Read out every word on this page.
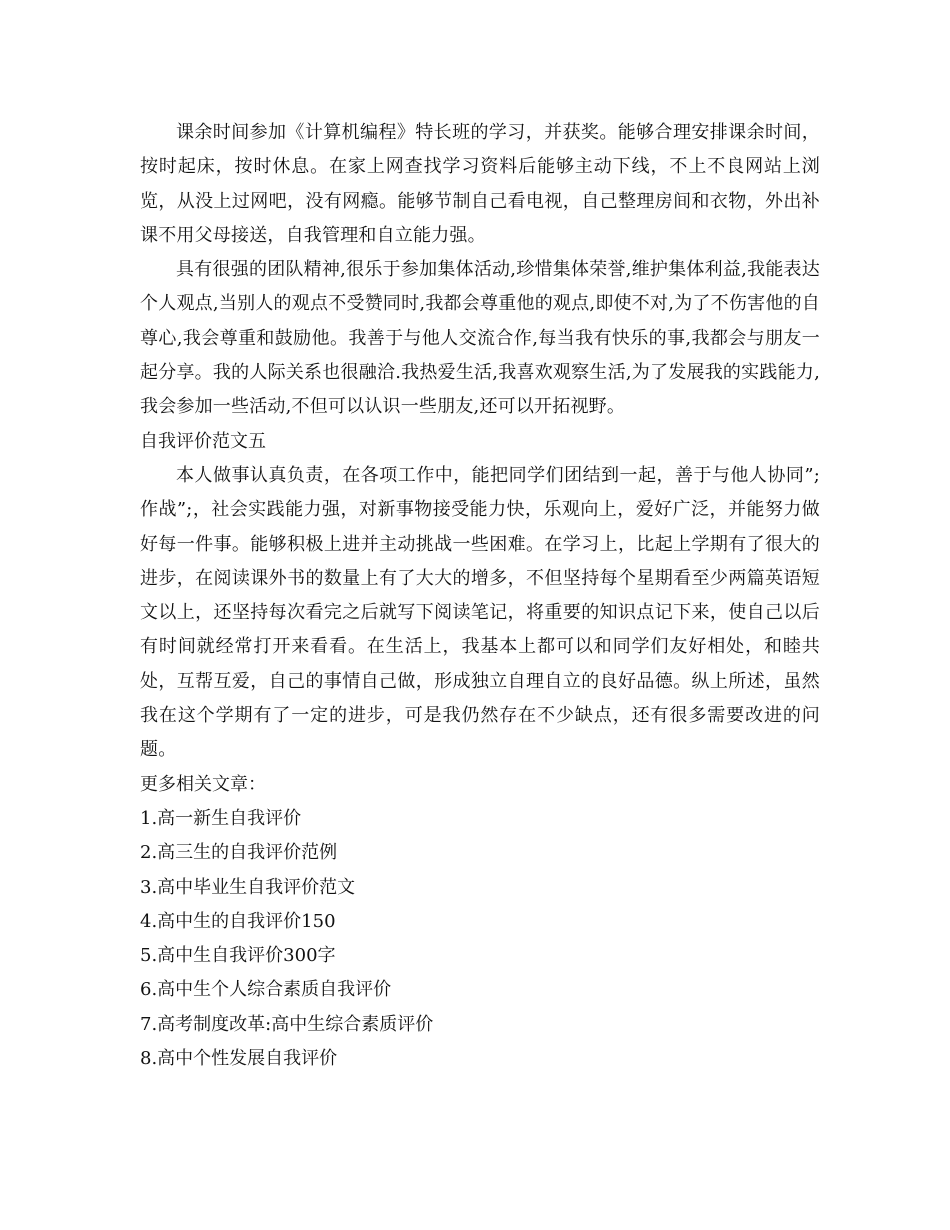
课余时间参加《计算机编程》特长班的学习，并获奖。能够合理安排课余时间，按时起床，按时休息。在家上网查找学习资料后能够主动下线，不上不良网站上浏览，从没上过网吧，没有网瘾。能够节制自己看电视，自己整理房间和衣物，外出补课不用父母接送，自我管理和自立能力强。

具有很强的团队精神,很乐于参加集体活动,珍惜集体荣誉,维护集体利益,我能表达个人观点,当别人的观点不受赞同时,我都会尊重他的观点,即使不对,为了不伤害他的自尊心,我会尊重和鼓励他。我善于与他人交流合作,每当我有快乐的事,我都会与朋友一起分享。我的人际关系也很融洽.我热爱生活,我喜欢观察生活,为了发展我的实践能力,我会参加一些活动,不但可以认识一些朋友,还可以开拓视野。

自我评价范文五

本人做事认真负责，在各项工作中，能把同学们团结到一起，善于与他人协同”;作战”;，社会实践能力强，对新事物接受能力快，乐观向上，爱好广泛，并能努力做好每一件事。能够积极上进并主动挑战一些困难。在学习上，比起上学期有了很大的进步，在阅读课外书的数量上有了大大的增多，不但坚持每个星期看至少两篇英语短文以上，还坚持每次看完之后就写下阅读笔记，将重要的知识点记下来，使自己以后有时间就经常打开来看看。在生活上，我基本上都可以和同学们友好相处，和睦共处，互帮互爱，自己的事情自己做，形成独立自理自立的良好品德。纵上所述，虽然我在这个学期有了一定的进步，可是我仍然存在不少缺点，还有很多需要改进的问题。

更多相关文章：

1.高一新生自我评价
2.高三生的自我评价范例
3.高中毕业生自我评价范文
4.高中生的自我评价150
5.高中生自我评价300字
6.高中生个人综合素质自我评价
7.高考制度改革:高中生综合素质评价
8.高中个性发展自我评价
